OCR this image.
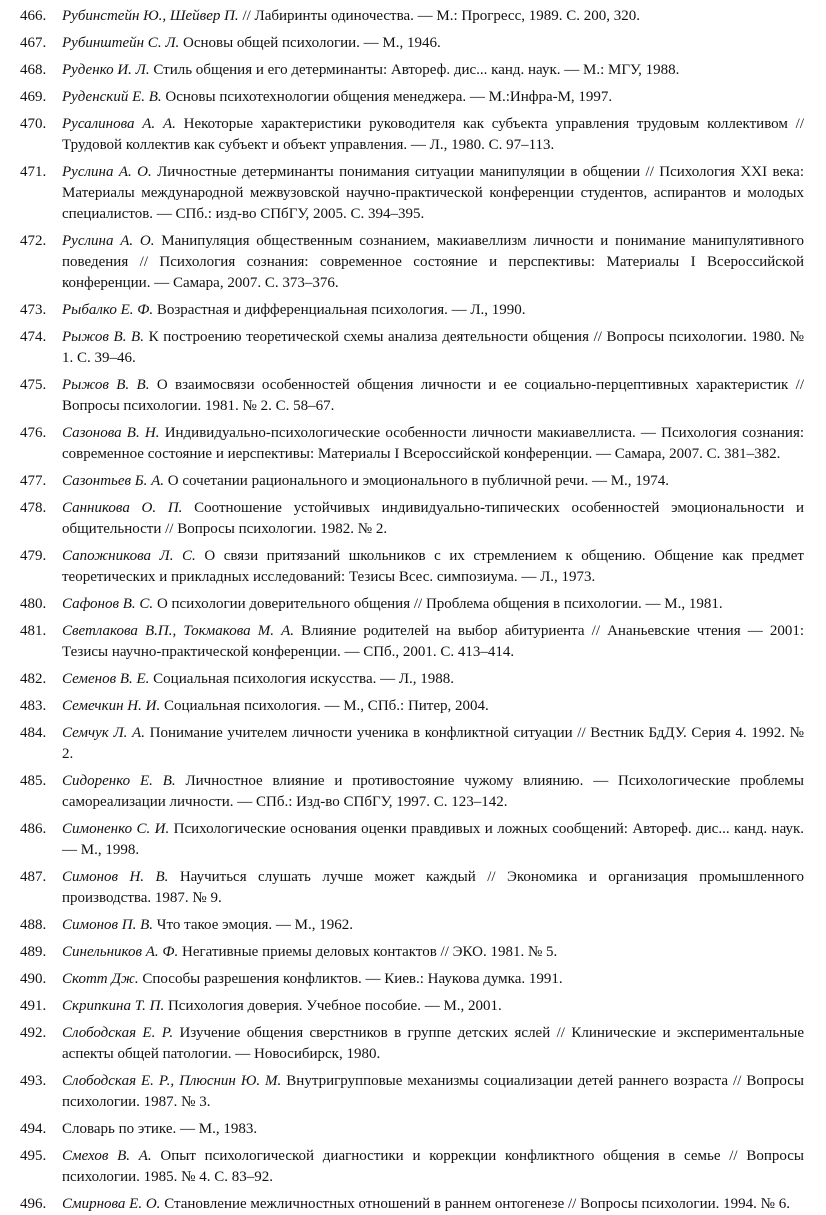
466.	Рубинстейн Ю., Шейвер П. // Лабиринты одиночества. — М.: Прогресс, 1989. С. 200, 320.
467.	Рубинштейн С. Л. Основы общей психологии. — М., 1946.
468.	Руденко И. Л. Стиль общения и его детерминанты: Автореф. дис... канд. наук. — М.: МГУ, 1988.
469.	Руденский Е. В. Основы психотехнологии общения менеджера. — М.:Инфра-М, 1997.
470.	Русалинова А. А. Некоторые характеристики руководителя как субъекта управления трудовым коллективом // Трудовой коллектив как субъект и объект управления. — Л., 1980. С. 97–113.
471.	Руслина А. О. Личностные детерминанты понимания ситуации манипуляции в общении // Психология XXI века: Материалы международной межвузовской научно-практической конференции студентов, аспирантов и молодых специалистов. — СПб.: изд-во СПбГУ, 2005. С. 394–395.
472.	Руслина А. О. Манипуляция общественным сознанием, макиавеллизм личности и понимание манипулятивного поведения // Психология сознания: современное состояние и перспективы: Материалы I Всероссийской конференции. — Самара, 2007. С. 373–376.
473.	Рыбалко Е. Ф. Возрастная и дифференциальная психология. — Л., 1990.
474.	Рыжов В. В. К построению теоретической схемы анализа деятельности общения // Вопросы психологии. 1980. № 1. С. 39–46.
475.	Рыжов В. В. О взаимосвязи особенностей общения личности и ее социально-перцептивных характеристик // Вопросы психологии. 1981. № 2. С. 58–67.
476.	Сазонова В. Н. Индивидуально-психологические особенности личности макиавеллиста. — Психология сознания: современное состояние и иерспективы: Материалы I Всероссийской конференции. — Самара, 2007. С. 381–382.
477.	Сазонтьев Б. А. О сочетании рационального и эмоционального в публичной речи. — М., 1974.
478.	Санникова О. П. Соотношение устойчивых индивидуально-типических особенностей эмоциональности и общительности // Вопросы психологии. 1982. № 2.
479.	Сапожникова Л. С. О связи притязаний школьников с их стремлением к общению. Общение как предмет теоретических и прикладных исследований: Тезисы Всес. симпозиума. — Л., 1973.
480.	Сафонов В. С. О психологии доверительного общения // Проблема общения в психологии. — М., 1981.
481.	Светлакова В.П., Токмакова М. А. Влияние родителей на выбор абитуриента // Ананьевские чтения — 2001: Тезисы научно-практической конференции. — СПб., 2001. С. 413–414.
482.	Семенов В. Е. Социальная психология искусства. — Л., 1988.
483.	Семечкин Н. И. Социальная психология. — М., СПб.: Питер, 2004.
484.	Семчук Л. А. Понимание учителем личности ученика в конфликтной ситуации // Вестник БдДУ. Серия 4. 1992. № 2.
485.	Сидоренко Е. В. Личностное влияние и противостояние чужому влиянию. — Психологические проблемы самореализации личности. — СПб.: Изд-во СПбГУ, 1997. С. 123–142.
486.	Симоненко С. И. Психологические основания оценки правдивых и ложных сообщений: Автореф. дис... канд. наук. — М., 1998.
487.	Симонов Н. В. Научиться слушать лучше может каждый // Экономика и организация промышленного производства. 1987. № 9.
488.	Симонов П. В. Что такое эмоция. — М., 1962.
489.	Синельников А. Ф. Негативные приемы деловых контактов // ЭКО. 1981. № 5.
490.	Скотт Дж. Способы разрешения конфликтов. — Киев.: Наукова думка. 1991.
491.	Скрипкина Т. П. Психология доверия. Учебное пособие. — М., 2001.
492.	Слободская Е. Р. Изучение общения сверстников в группе детских яслей // Клинические и экспериментальные аспекты общей патологии. — Новосибирск, 1980.
493.	Слободская Е. Р., Плюснин Ю. М. Внутригрупповые механизмы социализации детей раннего возраста // Вопросы психологии. 1987. № 3.
494.	Словарь по этике. — М., 1983.
495.	Смехов В. А. Опыт психологической диагностики и коррекции конфликтного общения в семье // Вопросы психологии. 1985. № 4. С. 83–92.
496.	Смирнова Е. О. Становление межличностных отношений в раннем онтогенезе // Вопросы психологии. 1994. № 6.
